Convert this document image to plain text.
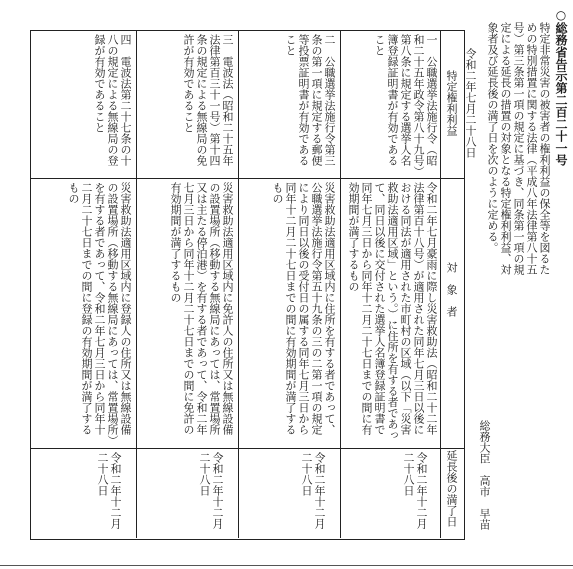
○総務省告示第二百二十一号
特定非常災害の被害者の権利利益の保全等を図るための特別措置に関する法律（平成八年法律第八十五号）第三条第一項の規定に基づき、同条第一項の規定による延長の措置の対象となる特定権利利益、対象者及び延長後の満了日を次のように定める。
令和二年七月二十八日
総務大臣　高市　早苗
特定権利利益
対　象　者
延長後の満了日
一　公職選挙法施行令（昭和二十五年政令第八十九号）第八条に規定する選挙人名簿登録証明書が有効であること
令和二年七月豪雨に際し災害救助法（昭和二十二年法律第百十八号）が適用された同年七月三日以後における同法が適用された市町村の区域（以下「災害救助法適用区域」という。）に住所を有する者であって、同日以後に交付された選挙人名簿登録証明書で同年七月三日から同年十二月二十七日までの間に有効期間が満了するもの
令和二年十二月二十八日
二　公職選挙法施行令第三条の第一項に規定する郵便等投票証明書が有効であること
災害救助法適用区域内に住所を有する者であって、公職選挙法施行令第五十九条の三の二第一項の規定により同日以後の受付日の属する同年七月三日から同年十二月二十七日までの間に有効期間が満了するもの
令和二年十二月二十八日
三　電波法（昭和二十五年法律第百三十一号）第十四条の規定による無線局の免許が有効であること
災害救助法適用区域内に免許人の住所又は無線設備の設置場所（移動する無線局にあっては、常置場所又は主たる停泊港）を有する者であって、令和二年七月三日から同年十二月二十七日までの間に免許の有効期間が満了するもの
令和二年十二月二十八日
四　電波法第二十七条の十八の規定による無線局の登録が有効であること
災害救助法適用区域内に登録人の住所又は無線設備の設置場所（移動する無線局にあっては、常置場所）を有する者であって、令和二年七月三日から同年十二月二十七日までの間に登録の有効期間が満了するもの
令和二年十二月二十八日
